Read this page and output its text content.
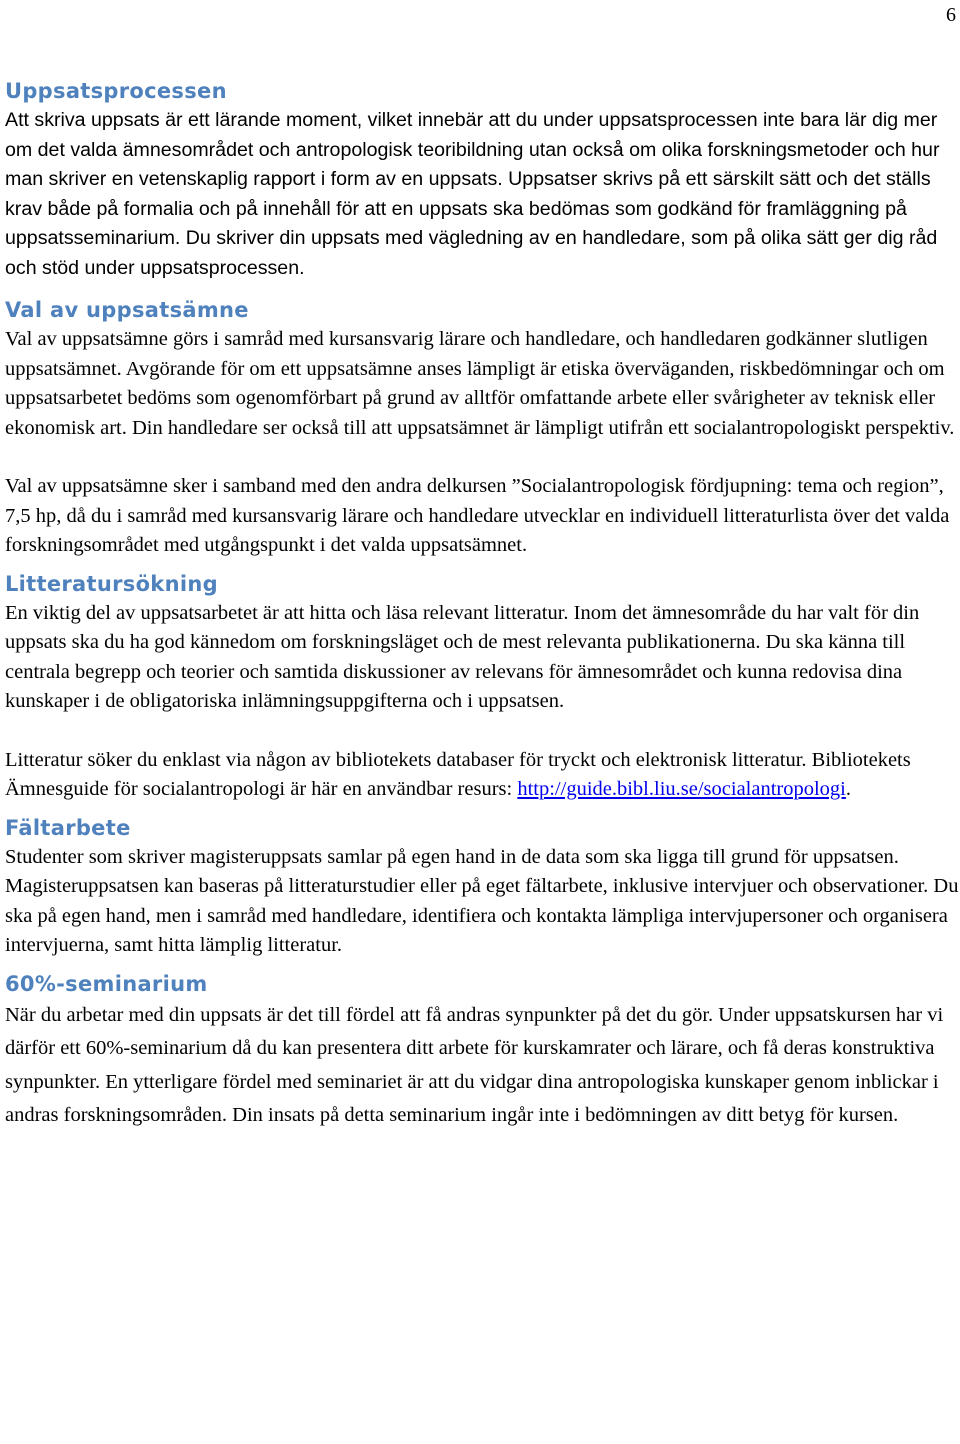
6
Uppsatsprocessen

Att skriva uppsats är ett lärande moment, vilket innebär att du under uppsatsprocessen inte bara lär dig mer om det valda ämnesområdet och antropologisk teoribildning utan också om olika forskningsmetoder och hur man skriver en vetenskaplig rapport i form av en uppsats. Uppsatser skrivs på ett särskilt sätt och det ställs krav både på formalia och på innehåll för att en uppsats ska bedömas som godkänd för framläggning på uppsatsseminarium. Du skriver din uppsats med vägledning av en handledare, som på olika sätt ger dig råd och stöd under uppsatsprocessen.

Val av uppsatsämne

Val av uppsatsämne görs i samråd med kursansvarig lärare och handledare, och handledaren godkänner slutligen uppsatsämnet. Avgörande för om ett uppsatsämne anses lämpligt är etiska överväganden, riskbedömningar och om uppsatsarbetet bedöms som ogenomförbart på grund av alltför omfattande arbete eller svårigheter av teknisk eller ekonomisk art. Din handledare ser också till att uppsatsämnet är lämpligt utifrån ett socialantropologiskt perspektiv.

Val av uppsatsämne sker i samband med den andra delkursen ”Socialantropologisk fördjupning: tema och region”, 7,5 hp, då du i samråd med kursansvarig lärare och handledare utvecklar en individuell litteraturlista över det valda forskningsområdet med utgångspunkt i det valda uppsatsämnet.

Litteratursökning

En viktig del av uppsatsarbetet är att hitta och läsa relevant litteratur. Inom det ämnesområde du har valt för din uppsats ska du ha god kännedom om forskningsläget och de mest relevanta publikationerna. Du ska känna till centrala begrepp och teorier och samtida diskussioner av relevans för ämnesområdet och kunna redovisa dina kunskaper i de obligatoriska inlämningsuppgifterna och i uppsatsen.

Litteratur söker du enklast via någon av bibliotekets databaser för tryckt och elektronisk litteratur. Bibliotekets Ämnesguide för socialantropologi är här en användbar resurs: http://guide.bibl.liu.se/socialantropologi.

Fältarbete

Studenter som skriver magisteruppsats samlar på egen hand in de data som ska ligga till grund för uppsatsen. Magisteruppsatsen kan baseras på litteraturstudier eller på eget fältarbete, inklusive intervjuer och observationer. Du ska på egen hand, men i samråd med handledare, identifiera och kontakta lämpliga intervjupersoner och organisera intervjuerna, samt hitta lämplig litteratur.

60%-seminarium

När du arbetar med din uppsats är det till fördel att få andras synpunkter på det du gör. Under uppsatskursen har vi därför ett 60%-seminarium då du kan presentera ditt arbete för kurskamrater och lärare, och få deras konstruktiva synpunkter. En ytterligare fördel med seminariet är att du vidgar dina antropologiska kunskaper genom inblickar i andras forskningsområden. Din insats på detta seminarium ingår inte i bedömningen av ditt betyg för kursen.
